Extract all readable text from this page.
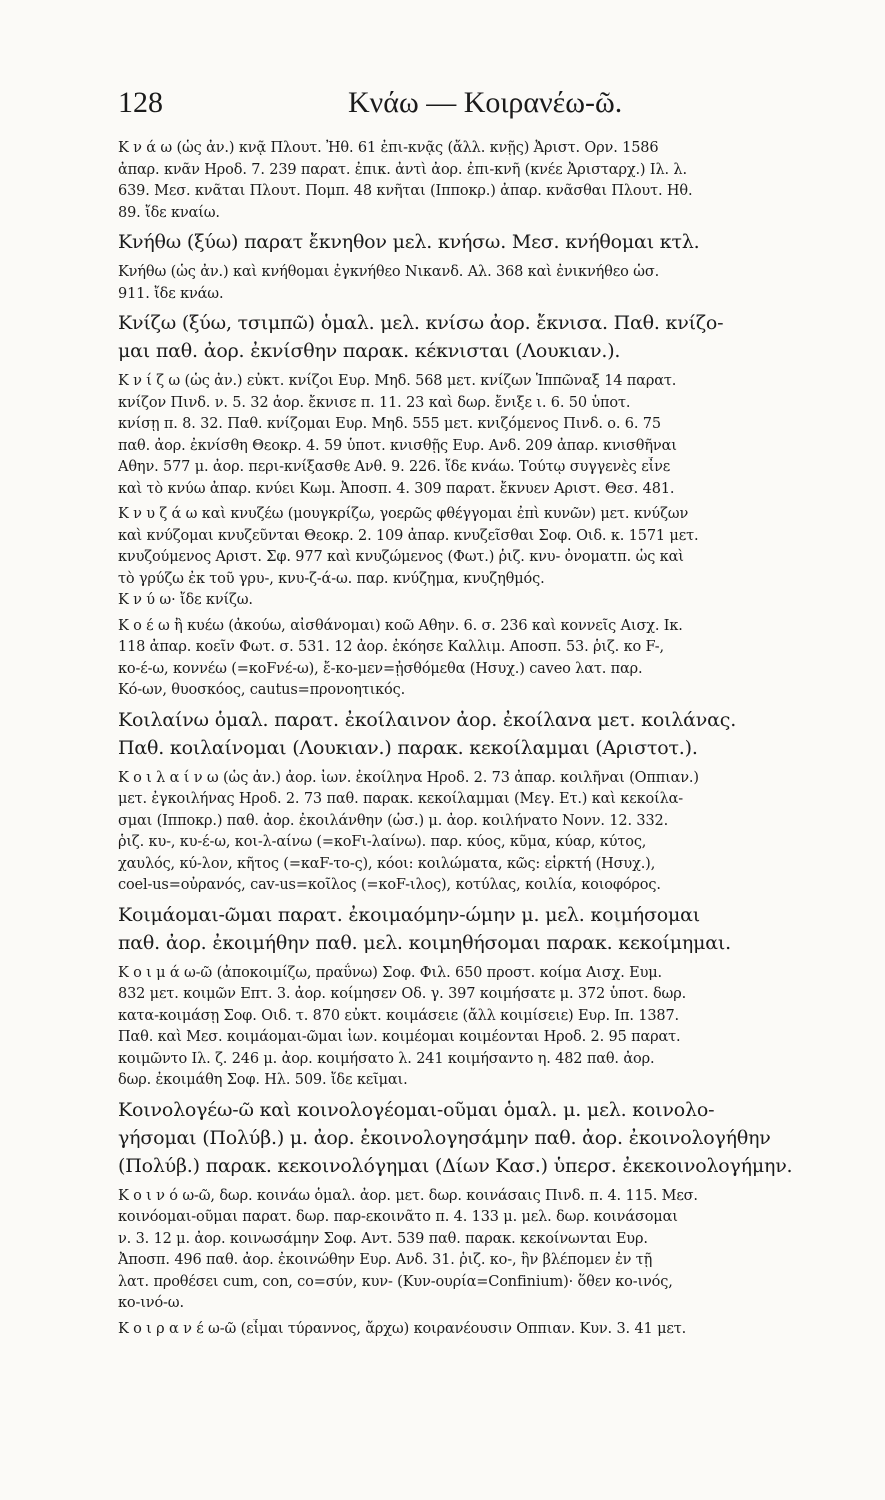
128	Κνάω — Κοιρανέω-ῶ.
Κ ν ά ω (ὡς ἀν.) κνᾷ Πλουτ. Ἠθ. 61 ἐπι-κνᾷς (ἄλλ. κνῇς) Ἀριστ. Ορν. 1586
ἀπαρ. κνᾶν Ηροδ. 7. 239 παρατ. ἐπικ. ἀντὶ ἀορ. ἐπι-κνῆ (κνέε Ἀρισταρχ.) Ιλ. λ.
639. Μεσ. κνᾶται Πλουτ. Πομπ. 48 κνῆται (Ιπποκρ.) ἀπαρ. κνᾶσθαι Πλουτ. Ηθ.
89. ἴδε κναίω.
Κνήθω (ξύω) παρατ ἔκνηθον μελ. κνήσω. Μεσ. κνήθομαι κτλ.
Κνήθω (ὡς ἀν.) καὶ κνήθομαι ἐγκνήθεο Νικανδ. Αλ. 368 καὶ ἐνικνήθεο ὡσ.
911. ἴδε κνάω.
Κνίζω (ξύω, τσιμπῶ) ὁμαλ. μελ. κνίσω ἀορ. ἔκνισα. Παθ. κνίζο-
μαι παθ. ἀορ. ἐκνίσθην παρακ. κέκνισται (Λουκιαν.).
Κ ν ί ζ ω (ὡς ἀν.) εὐκτ. κνίζοι Ευρ. Μηδ. 568 μετ. κνίζων Ἱππῶναξ 14 παρατ.
κνίζον Πινδ. ν. 5. 32 ἀορ. ἔκνισε π. 11. 23 καὶ δωρ. ἔνιξε ι. 6. 50 ὑποτ.
κνίσῃ π. 8. 32. Παθ. κνίζομαι Ευρ. Μηδ. 555 μετ. κνιζόμενος Πινδ. ο. 6. 75
παθ. ἀορ. ἐκνίσθη Θεοκρ. 4. 59 ὑποτ. κνισθῇς Ευρ. Ανδ. 209 ἀπαρ. κνισθῆναι
Αθην. 577 μ. ἀορ. περι-κνίξασθε Ανθ. 9. 226. ἴδε κνάω. Τούτῳ συγγενὲς εἶνε
καὶ τὸ κνύω ἀπαρ. κνύει Κωμ. Ἀποσπ. 4. 309 παρατ. ἔκνυεν Αριστ. Θεσ. 481.
Κ ν υ ζ ά ω καὶ κνυζέω (μουγκρίζω, γοερῶς φθέγγομαι ἐπὶ κυνῶν) μετ. κνύζων
καὶ κνύζομαι κνυζεῦνται Θεοκρ. 2. 109 ἀπαρ. κνυζεῖσθαι Σοφ. Οιδ. κ. 1571 μετ.
κνυζούμενος Αριστ. Σφ. 977 καὶ κνυζώμενος (Φωτ.) ῥιζ. κνυ- ὀνοματπ. ὡς καὶ
τὸ γρύζω ἐκ τοῦ γρυ-, κνυ-ζ-ά-ω. παρ. κνύζημα, κνυζηθμός.
Κ ν ύ ω· ἴδε κνίζω.
Κ ο έ ω ἢ κυέω (ἀκούω, αἰσθάνομαι) κοῶ Αθην. 6. σ. 236 καὶ κοννεῖς Αισχ. Ικ.
118 ἀπαρ. κοεῖν Φωτ. σ. 531. 12 ἀορ. ἐκόησε Καλλιμ. Αποσπ. 53. ῥιζ. κο F-,
κο-έ-ω, κοννέω (=κοFνέ-ω), ἔ-κο-μεν=ᾐσθόμεθα (Ησυχ.) caveo λατ. παρ.
Κό-ων, θυοσκόος, cautus=προνοητικός.
Κοιλαίνω ὁμαλ. παρατ. ἐκοίλαινον ἀορ. ἐκοίλανα μετ. κοιλάνας.
Παθ. κοιλαίνομαι (Λουκιαν.) παρακ. κεκοίλαμμαι (Αριστοτ.).
Κ ο ι λ α ί ν ω (ὡς ἀν.) ἀορ. ἰων. ἐκοίληνα Ηροδ. 2. 73 ἀπαρ. κοιλῆναι (Οππιαν.)
μετ. ἐγκοιλήνας Ηροδ. 2. 73 παθ. παρακ. κεκοίλαμμαι (Μεγ. Ετ.) καὶ κεκοίλα-
σμαι (Ιπποκρ.) παθ. ἀορ. ἐκοιλάνθην (ὡσ.) μ. ἀορ. κοιλήνατο Νονν. 12. 332.
ῥιζ. κυ-, κυ-έ-ω, κοι-λ-αίνω (=κοFι-λαίνω). παρ. κύος, κῦμα, κύαρ, κύτος,
χαυλός, κύ-λον, κῆτος (=καF-το-ς), κόοι: κοιλώματα, κῶς: εἱρκτή (Ησυχ.),
coel-us=οὐρανός, cav-us=κοῖλος (=κοF-ιλος), κοτύλας, κοιλία, κοιοφόρος.
Κοιμάομαι-ῶμαι παρατ. ἐκοιμαόμην-ώμην μ. μελ. κοιμήσομαι
παθ. ἀορ. ἐκοιμήθην παθ. μελ. κοιμηθήσομαι παρακ. κεκοίμημαι.
Κ ο ι μ ά ω-ῶ (ἀποκοιμίζω, πραΰνω) Σοφ. Φιλ. 650 προστ. κοίμα Αισχ. Ευμ.
832 μετ. κοιμῶν Επτ. 3. ἀορ. κοίμησεν Οδ. γ. 397 κοιμήσατε μ. 372 ὑποτ. δωρ.
κατα-κοιμάσῃ Σοφ. Οιδ. τ. 870 εὐκτ. κοιμάσειε (ἄλλ κοιμίσειε) Ευρ. Ιπ. 1387.
Παθ. καὶ Μεσ. κοιμάομαι-ῶμαι ἰων. κοιμέομαι κοιμέονται Ηροδ. 2. 95 παρατ.
κοιμῶντο Ιλ. ζ. 246 μ. ἀορ. κοιμήσατο λ. 241 κοιμήσαντο η. 482 παθ. ἀορ.
δωρ. ἐκοιμάθη Σοφ. Ηλ. 509. ἴδε κεῖμαι.
Κοινολογέω-ῶ καὶ κοινολογέομαι-οῦμαι ὁμαλ. μ. μελ. κοινολο-
γήσομαι (Πολύβ.) μ. ἀορ. ἐκοινολογησάμην παθ. ἀορ. ἐκοινολογήθην
(Πολύβ.) παρακ. κεκοινολόγημαι (Δίων Κασ.) ὑπερσ. ἐκεκοινολογήμην.
Κ ο ι ν ό ω-ῶ, δωρ. κοινάω ὁμαλ. ἀορ. μετ. δωρ. κοινάσαις Πινδ. π. 4. 115. Μεσ.
κοινόομαι-οῦμαι παρατ. δωρ. παρ-εκοινᾶτο π. 4. 133 μ. μελ. δωρ. κοινάσομαι
ν. 3. 12 μ. ἀορ. κοινωσάμην Σοφ. Αντ. 539 παθ. παρακ. κεκοίνωνται Ευρ.
Ἀποσπ. 496 παθ. ἀορ. ἐκοινώθην Ευρ. Ανδ. 31. ῥιζ. κο-, ἣν βλέπομεν ἐν τῇ
λατ. προθέσει cum, con, co=σύν, κυν- (Κυν-ουρία=Confinium)· ὅθεν κο-ινός,
κο-ινό-ω.
Κ ο ι ρ α ν έ ω-ῶ (εἶμαι τύραννος, ἄρχω) κοιρανέουσιν Οππιαν. Κυν. 3. 41 μετ.
